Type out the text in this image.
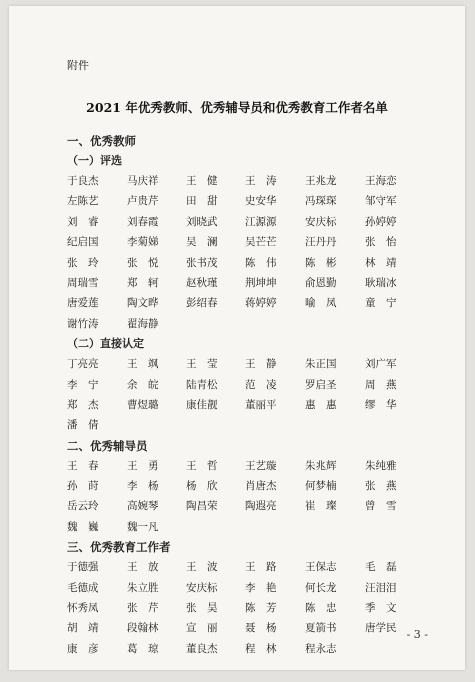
附件
2021 年优秀教师、优秀辅导员和优秀教育工作者名单
一、优秀教师
（一）评选
于良杰	马庆祥	王　健	王　涛	王兆龙	王海恋
左陈艺	卢贵芹	田　甜	史安华	冯琛琛	邹守军
刘　睿	刘春霞	刘晓武	江源源	安庆标	孙婷婷
纪启国	李菊娣	吴　澜	吴芒芒	汪丹丹	张　怡
张　玲	张　悦	张书茂	陈　伟	陈　彬	林　靖
周瑞雪	郑　轲	赵秋瑾	荆坤坤	俞恩勤	耿瑞冰
唐爱莲	陶文晔	彭绍春	蒋婷婷	喻　凤	童　宁
谢竹涛	翟海静
（二）直接认定
丁亮亮	王　飒	王　莹	王　静	朱正国	刘广军
李　宁	余　皖	陆青松	范　凌	罗启圣	周　燕
郑　杰	曹煜璐	康佳靓	董丽平	惠　惠	缪　华
潘　倩
二、优秀辅导员
王　春	王　勇	王　哲	王艺璇	朱兆辉	朱纯雅
孙　莳	李　杨	杨　欣	肖唐杰	何梦楠	张　燕
岳云玲	高婉琴	陶昌荣	陶遐亮	崔　璨	曾　雪
魏　巍	魏一凡
三、优秀教育工作者
于德强	王　放	王　波	王　路	王保志	毛　磊
毛德成	朱立胜	安庆标	李　艳	何长龙	汪泪泪
怀秀凤	张　芹	张　昊	陈　芳	陈　忠	季　文
胡　靖	段翰林	宣　丽	聂　杨	夏箭书	唐学民
康　彦	葛　琼	董良杰	程　林	程永志
- 3 -
